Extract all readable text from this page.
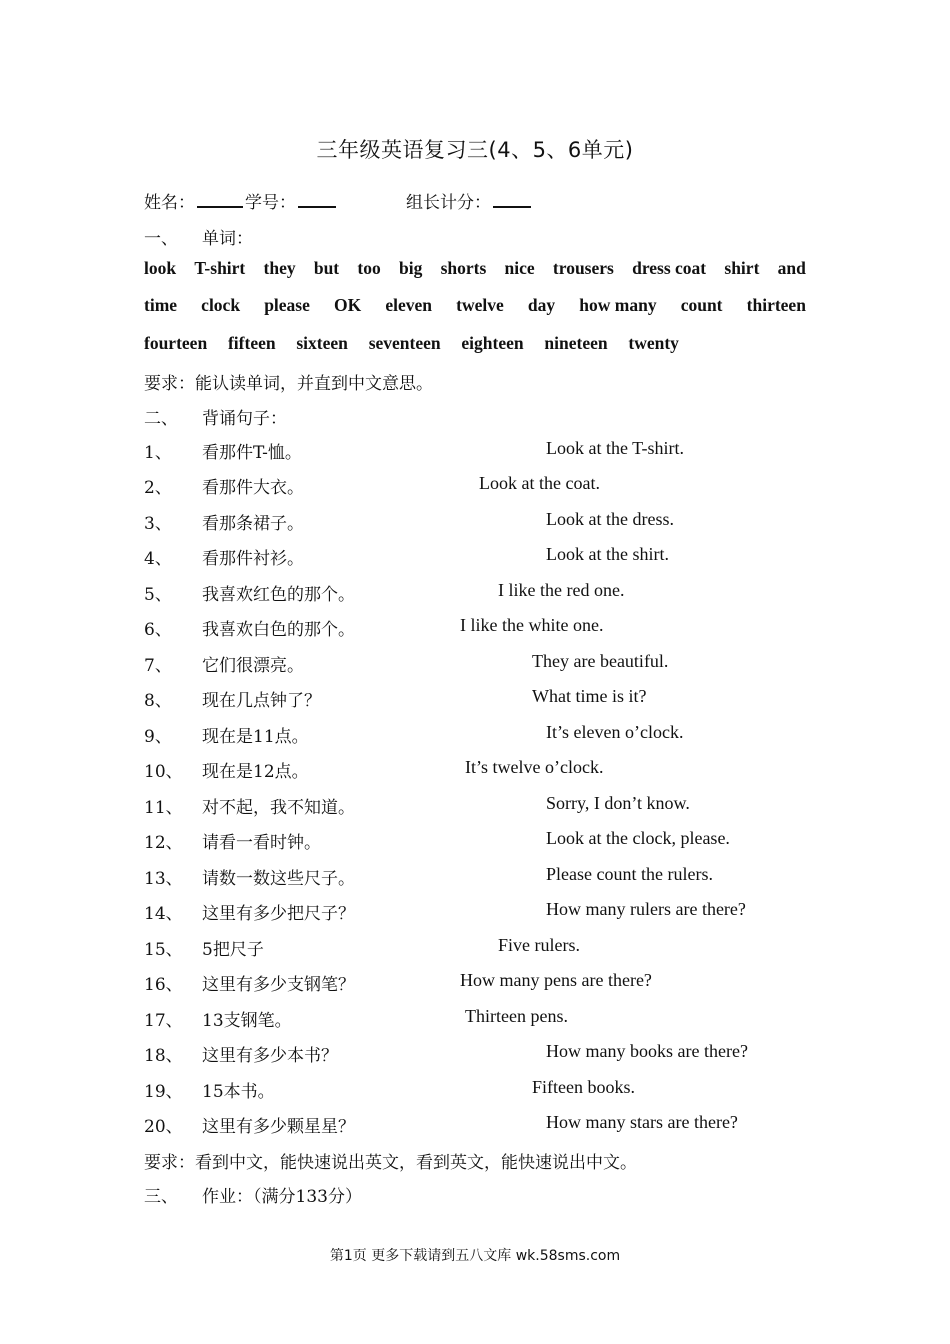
三年级英语复习三(4、5、6单元)
姓名：	学号：	组长计分：
一、 单词：
look T-shirt they but too big shorts nice trousers dress coat shirt and
time clock please OK eleven twelve day how many count thirteen
fourteen fifteen sixteen seventeen eighteen nineteen twenty
要求：能认读单词，并直到中文意思。
二、 背诵句子：
1、 看那件T-恤。	Look at the T-shirt.
2、 看那件大衣。	Look at the coat.
3、 看那条裙子。	Look at the dress.
4、 看那件衬衫。	Look at the shirt.
5、 我喜欢红色的那个。	I like the red one.
6、 我喜欢白色的那个。	I like the white one.
7、 它们很漂亮。	They are beautiful.
8、 现在几点钟了？	What time is it?
9、 现在是11点。	It’s eleven o’clock.
10、 现在是12点。	It’s twelve o’clock.
11、 对不起，我不知道。	Sorry, I don’t know.
12、 请看一看时钟。	Look at the clock, please.
13、 请数一数这些尺子。	Please count the rulers.
14、 这里有多少把尺子？	How many rulers are there?
15、 5把尺子	Five rulers.
16、 这里有多少支钢笔？	How many pens are there?
17、 13支钢笔。	Thirteen pens.
18、 这里有多少本书？	How many books are there?
19、 15本书。	Fifteen books.
20、 这里有多少颗星星？	How many stars are there?
要求：看到中文，能快速说出英文，看到英文，能快速说出中文。
三、 作业：（满分133分）
第1页 更多下载请到五八文库 wk.58sms.com
